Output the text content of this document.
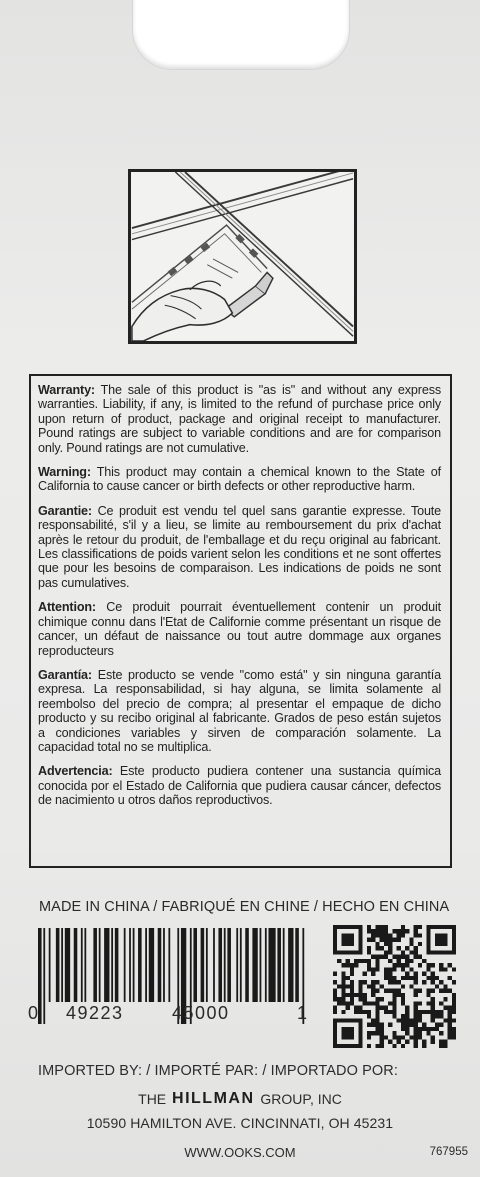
Warranty: The sale of this product is "as is" and without any express warranties. Liability, if any, is limited to the refund of purchase price only upon return of product, package and original receipt to manufacturer. Pound ratings are subject to variable conditions and are for comparison only. Pound ratings are not cumulative.

Warning: This product may contain a chemical known to the State of California to cause cancer or birth defects or other reproductive harm.

Garantie: Ce produit est vendu tel quel sans garantie expresse. Toute responsabilité, s'il y a lieu, se limite au remboursement du prix d'achat après le retour du produit, de l'emballage et du reçu original au fabricant. Les classifications de poids varient selon les conditions et ne sont offertes que pour les besoins de comparaison. Les indications de poids ne sont pas cumulatives.

Attention: Ce produit pourrait éventuellement contenir un produit chimique connu dans l'Etat de Californie comme présentant un risque de cancer, un défaut de naissance ou tout autre dommage aux organes reproducteurs

Garantía: Este producto se vende "como está" y sin ninguna garantía expresa. La responsabilidad, si hay alguna, se limita solamente al reembolso del precio de compra; al presentar el empaque de dicho producto y su recibo original al fabricante. Grados de peso están sujetos a condiciones variables y sirven de comparación solamente. La capacidad total no se multiplica.

Advertencia: Este producto pudiera contener una sustancia química conocida por el Estado de California que pudiera causar cáncer, defectos de nacimiento u otros daños reproductivos.

MADE IN CHINA / FABRIQUÉ EN CHINE / HECHO EN CHINA
0 49223	45000	1
IMPORTED BY: / IMPORTÉ PAR: / IMPORTADO POR:
THE HILLMAN GROUP, INC
10590 HAMILTON AVE. CINCINNATI, OH 45231
WWW.OOKS.COM	767955
